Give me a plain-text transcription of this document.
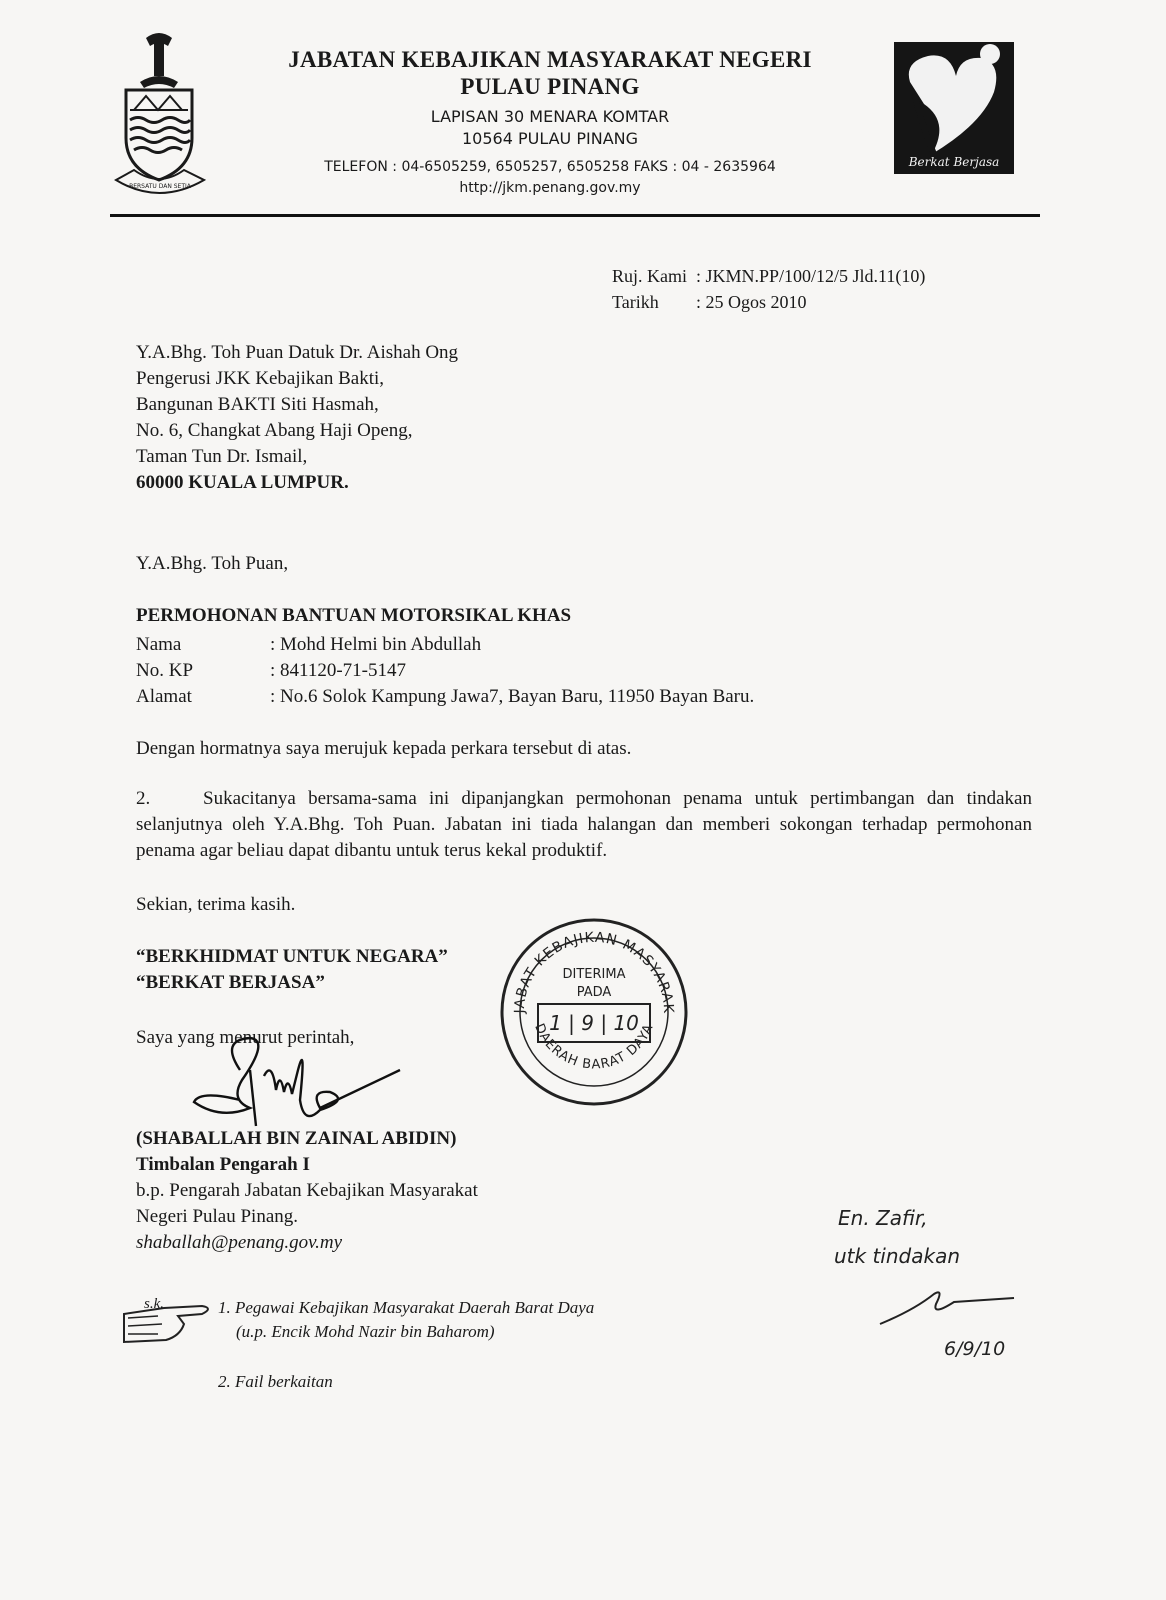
BERSATU DAN SETIA
JABATAN KEBAJIKAN MASYARAKAT NEGERI
PULAU PINANG
LAPISAN 30 MENARA KOMTAR
10564 PULAU PINANG
TELEFON : 04-6505259, 6505257, 6505258 FAKS : 04 - 2635964
http://jkm.penang.gov.my
Berkat Berjasa
Ruj. Kami : JKMN.PP/100/12/5 Jld.11(10)
Tarikh : 25 Ogos 2010
Y.A.Bhg. Toh Puan Datuk Dr. Aishah Ong
Pengerusi JKK Kebajikan Bakti,
Bangunan BAKTI Siti Hasmah,
No. 6, Changkat Abang Haji Openg,
Taman Tun Dr. Ismail,
60000 KUALA LUMPUR.
Y.A.Bhg. Toh Puan,
PERMOHONAN BANTUAN MOTORSIKAL KHAS
Nama	: Mohd Helmi bin Abdullah
No. KP	: 841120-71-5147
Alamat	: No.6 Solok Kampung Jawa7, Bayan Baru, 11950 Bayan Baru.
Dengan hormatnya saya merujuk kepada perkara tersebut di atas.
2.	Sukacitanya bersama-sama ini dipanjangkan permohonan penama untuk pertimbangan dan tindakan selanjutnya oleh Y.A.Bhg. Toh Puan. Jabatan ini tiada halangan dan memberi sokongan terhadap permohonan penama agar beliau dapat dibantu untuk terus kekal produktif.
Sekian, terima kasih.
“BERKHIDMAT UNTUK NEGARA”
“BERKAT BERJASA”
Saya yang menurut perintah,
(SHABALLAH BIN ZAINAL ABIDIN)
Timbalan Pengarah I
b.p. Pengarah Jabatan Kebajikan Masyarakat
Negeri Pulau Pinang.
shaballah@penang.gov.my
JABAT KEBAJIKAN MASYARAK
DAERAH BARAT DAYA
DITERIMA
PADA
1 | 9 | 10
s.k.	1. Pegawai Kebajikan Masyarakat Daerah Barat Daya
(u.p. Encik Mohd Nazir bin Baharom)
2. Fail berkaitan
En. Zafir,
utk tindakan
6/9/10
